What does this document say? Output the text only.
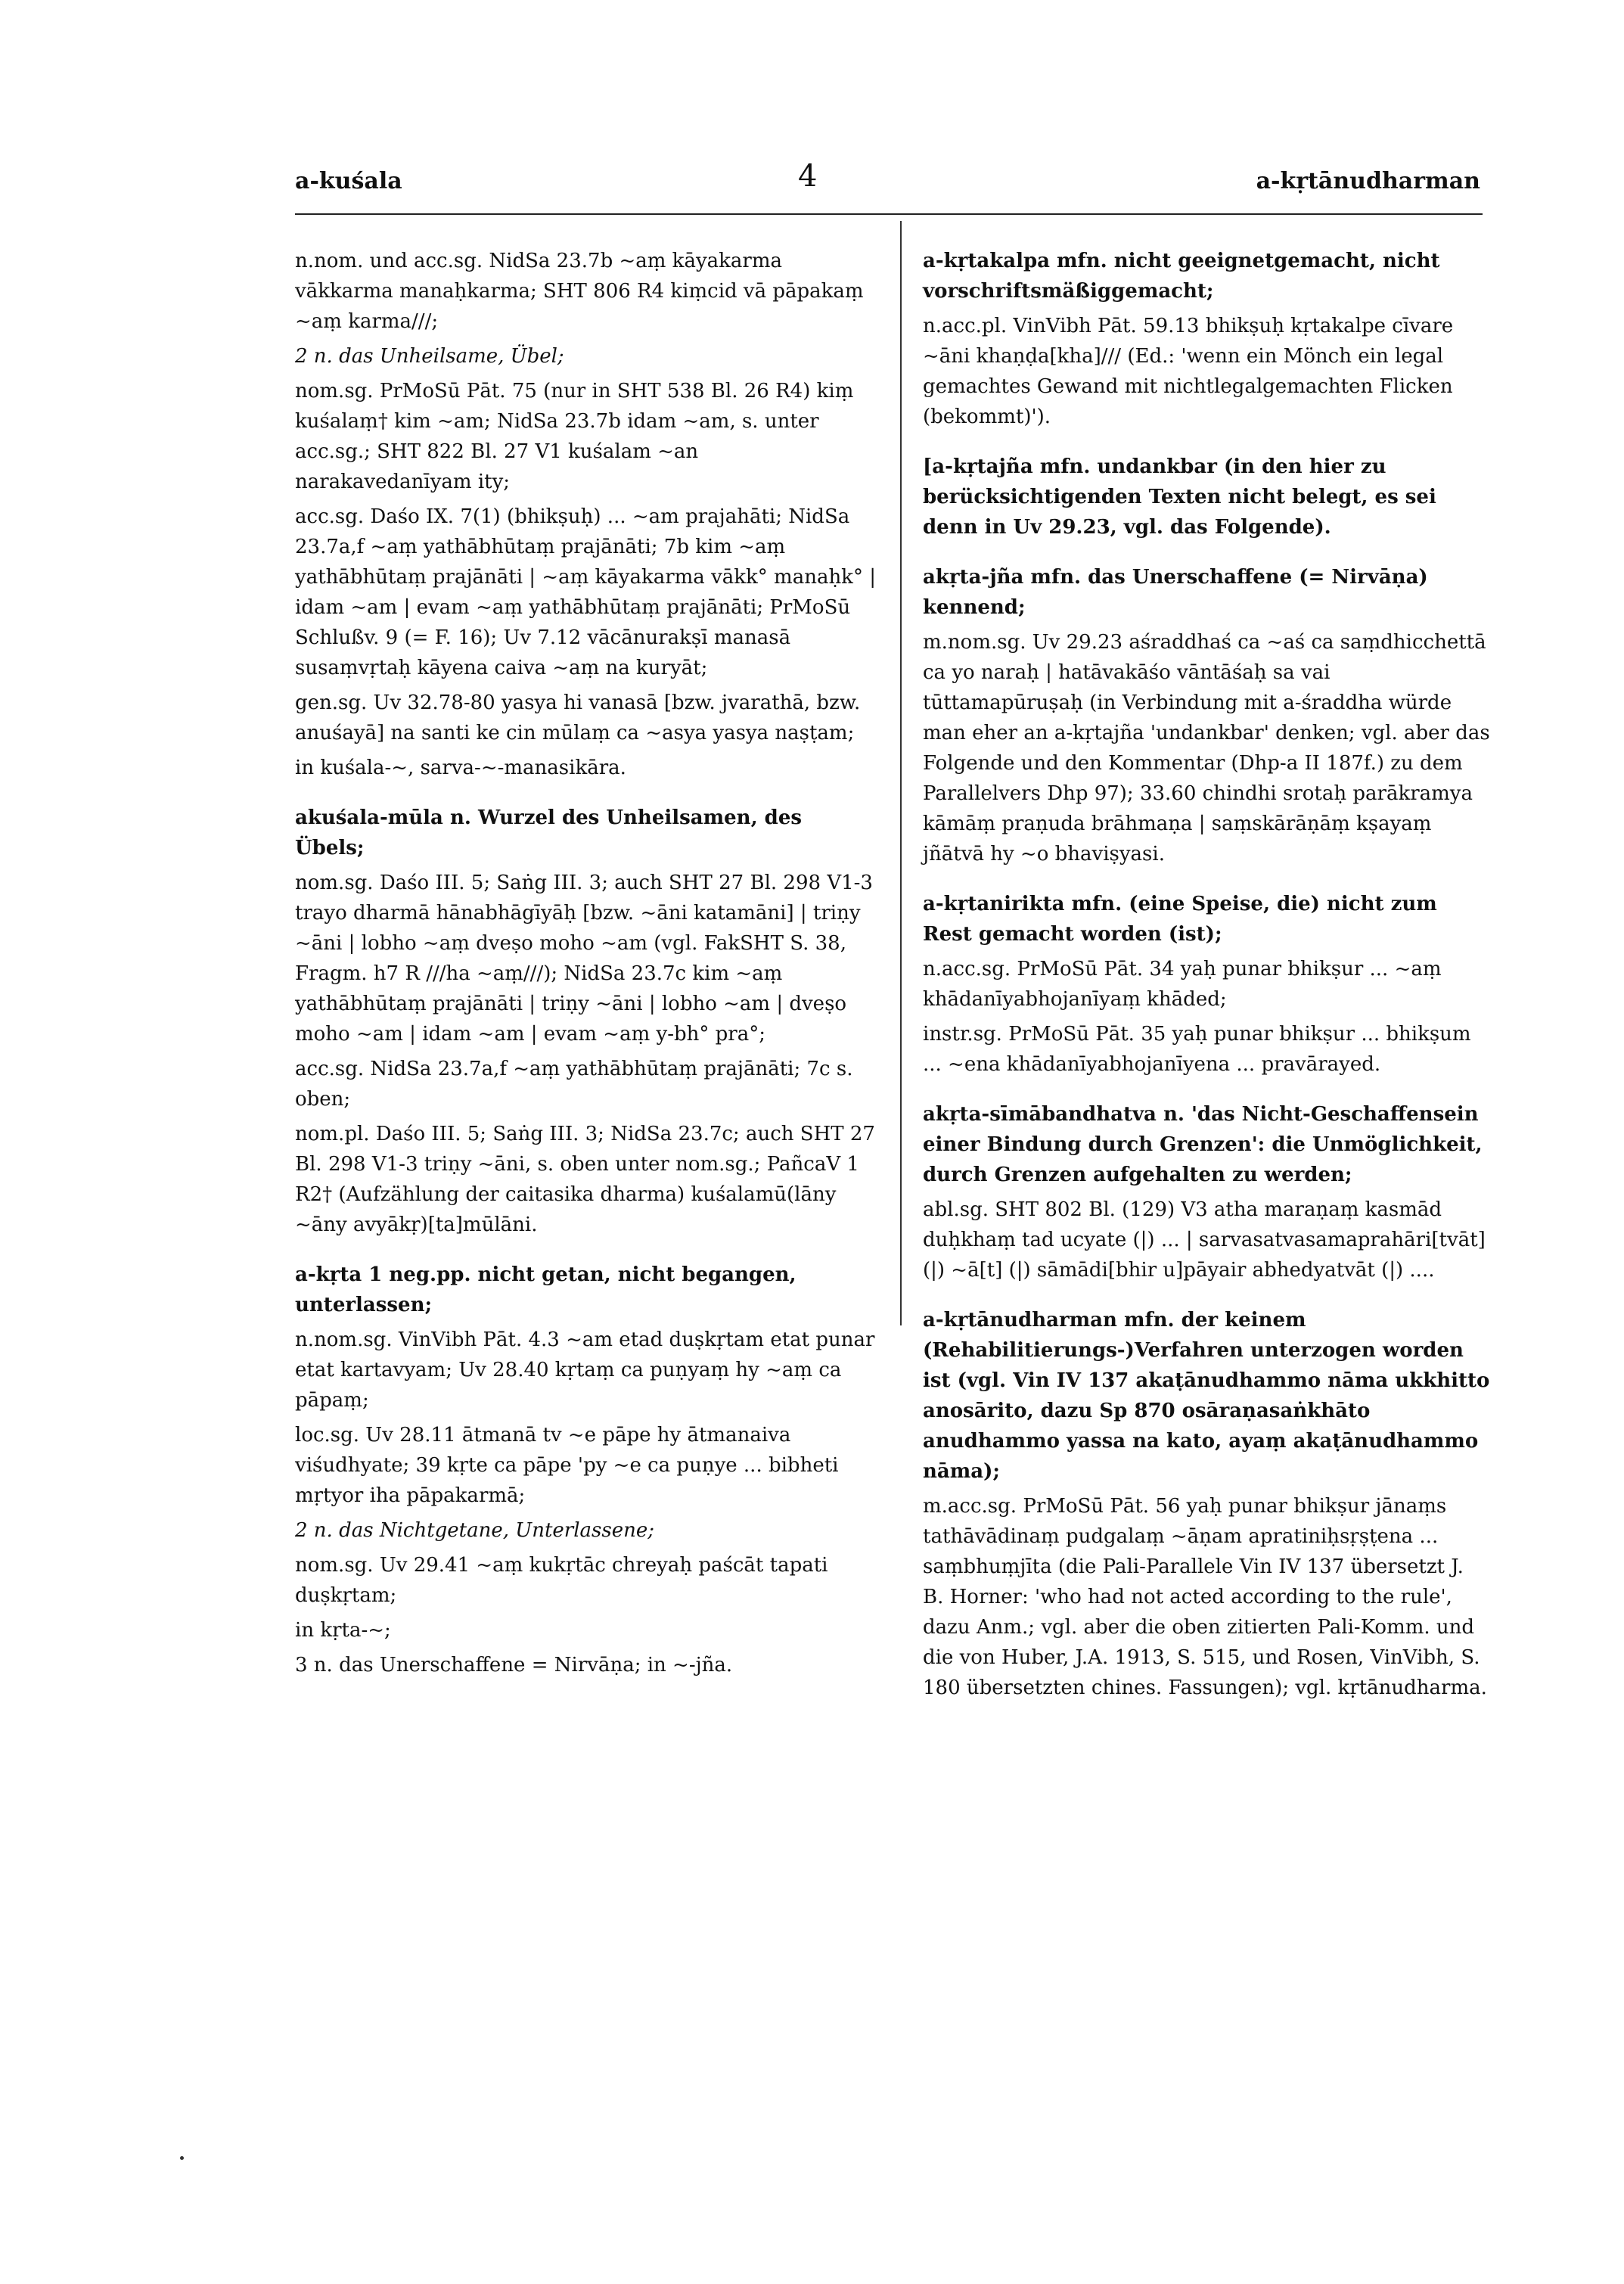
a-kuśala	4	a-kṛtānudharman

n.nom. und acc.sg. NidSa 23.7b ~aṃ kāyakarma vākkarma manaḥkarma; SHT 806 R4 kiṃcid vā pāpakaṃ ~aṃ karma///;

2 n. das Unheilsame, Übel;

nom.sg. PrMoSū Pāt. 75 (nur in SHT 538 Bl. 26 R4) kiṃ kuśalaṃ† kim ~am; NidSa 23.7b idam ~am, s. unter acc.sg.; SHT 822 Bl. 27 V1 kuśalam ~an narakavedanīyam ity;

acc.sg. Daśo IX. 7(1) (bhikṣuḥ) ... ~am prajahāti; NidSa 23.7a,f ~aṃ yathābhūtaṃ prajānāti; 7b kim ~aṃ yathābhūtaṃ prajānāti | ~aṃ kāyakarma vākk° manaḥk° | idam ~am | evam ~aṃ yathābhūtaṃ prajānāti; PrMoSū Schlußv. 9 (= F. 16); Uv 7.12 vācānurakṣī manasā susaṃvṛtaḥ kāyena caiva ~aṃ na kuryāt;

gen.sg. Uv 32.78-80 yasya hi vanasā [bzw. jvarathā, bzw. anuśayā] na santi ke cin mūlaṃ ca ~asya yasya naṣṭam;

in kuśala-~, sarva-~-manasikāra.

akuśala-mūla n. Wurzel des Unheilsamen, des Übels;

nom.sg. Daśo III. 5; Saṅg III. 3; auch SHT 27 Bl. 298 V1-3 trayo dharmā hānabhāgīyāḥ [bzw. ~āni katamāni] | triṇy ~āni | lobho ~aṃ dveṣo moho ~am (vgl. FakSHT S. 38, Fragm. h7 R ///ha ~aṃ///); NidSa 23.7c kim ~aṃ yathābhūtaṃ prajānāti | triṇy ~āni | lobho ~am | dveṣo moho ~am | idam ~am | evam ~aṃ y-bh° pra°;

acc.sg. NidSa 23.7a,f ~aṃ yathābhūtaṃ prajānāti; 7c s. oben;

nom.pl. Daśo III. 5; Saṅg III. 3; NidSa 23.7c; auch SHT 27 Bl. 298 V1-3 triṇy ~āni, s. oben unter nom.sg.; PañcaV 1 R2† (Aufzählung der caitasika dharma) kuśalamū(lāny ~āny avyākṛ)[ta]mūlāni.

a-kṛta 1 neg.pp. nicht getan, nicht begangen, unterlassen;

n.nom.sg. VinVibh Pāt. 4.3 ~am etad duṣkṛtam etat punar etat kartavyam; Uv 28.40 kṛtaṃ ca puṇyaṃ hy ~aṃ ca pāpaṃ;

loc.sg. Uv 28.11 ātmanā tv ~e pāpe hy ātmanaiva viśudhyate; 39 kṛte ca pāpe 'py ~e ca puṇye ... bibheti mṛtyor iha pāpakarmā;

2 n. das Nichtgetane, Unterlassene;

nom.sg. Uv 29.41 ~aṃ kukṛtāc chreyaḥ paścāt tapati duṣkṛtam;

in kṛta-~;

3 n. das Unerschaffene = Nirvāṇa; in ~-jña.

a-kṛtakalpa mfn. nicht geeignetgemacht, nicht vorschriftsmäßiggemacht;

n.acc.pl. VinVibh Pāt. 59.13 bhikṣuḥ kṛtakalpe cīvare ~āni khaṇḍa[kha]/// (Ed.: 'wenn ein Mönch ein legal gemachtes Gewand mit nichtlegalgemachten Flicken (bekommt)').

[a-kṛtajña mfn. undankbar (in den hier zu berücksichtigenden Texten nicht belegt, es sei denn in Uv 29.23, vgl. das Folgende).

akṛta-jña mfn. das Unerschaffene (= Nirvāṇa) kennend;

m.nom.sg. Uv 29.23 aśraddhaś ca ~aś ca saṃdhicchettā ca yo naraḥ | hatāvakāśo vāntāśaḥ sa vai tūttamapūruṣaḥ (in Verbindung mit a-śraddha würde man eher an a-kṛtajña 'undankbar' denken; vgl. aber das Folgende und den Kommentar (Dhp-a II 187f.) zu dem Parallelvers Dhp 97); 33.60 chindhi srotaḥ parākramya kāmāṃ praṇuda brāhmaṇa | saṃskārāṇāṃ kṣayaṃ jñātvā hy ~o bhaviṣyasi.

a-kṛtanirikta mfn. (eine Speise, die) nicht zum Rest gemacht worden (ist);

n.acc.sg. PrMoSū Pāt. 34 yaḥ punar bhikṣur ... ~aṃ khādanīyabhojanīyaṃ khāded;

instr.sg. PrMoSū Pāt. 35 yaḥ punar bhikṣur ... bhikṣum ... ~ena khādanīyabhojanīyena ... pravārayed.

akṛta-sīmābandhatva n. 'das Nicht-Geschaffensein einer Bindung durch Grenzen': die Unmöglichkeit, durch Grenzen aufgehalten zu werden;

abl.sg. SHT 802 Bl. (129) V3 atha maraṇaṃ kasmād duḥkhaṃ tad ucyate (|) ... | sarvasatvasamaprahāri[tvāt] (|) ~ā[t] (|) sāmādi[bhir u]pāyair abhedyatvāt (|) ....

a-kṛtānudharman mfn. der keinem (Rehabilitierungs-)Verfahren unterzogen worden ist (vgl. Vin IV 137 akaṭānudhammo nāma ukkhitto anosārito, dazu Sp 870 osāraṇasaṅkhāto anudhammo yassa na kato, ayaṃ akaṭānudhammo nāma);

m.acc.sg. PrMoSū Pāt. 56 yaḥ punar bhikṣur jānaṃs tathāvādinaṃ pudgalaṃ ~āṇam apratiniḥsṛṣṭena ... saṃbhuṃjīta (die Pali-Parallele Vin IV 137 übersetzt J. B. Horner: 'who had not acted according to the rule', dazu Anm.; vgl. aber die oben zitierten Pali-Komm. und die von Huber, J.A. 1913, S. 515, und Rosen, VinVibh, S. 180 übersetzten chines. Fassungen); vgl. kṛtānudharma.
